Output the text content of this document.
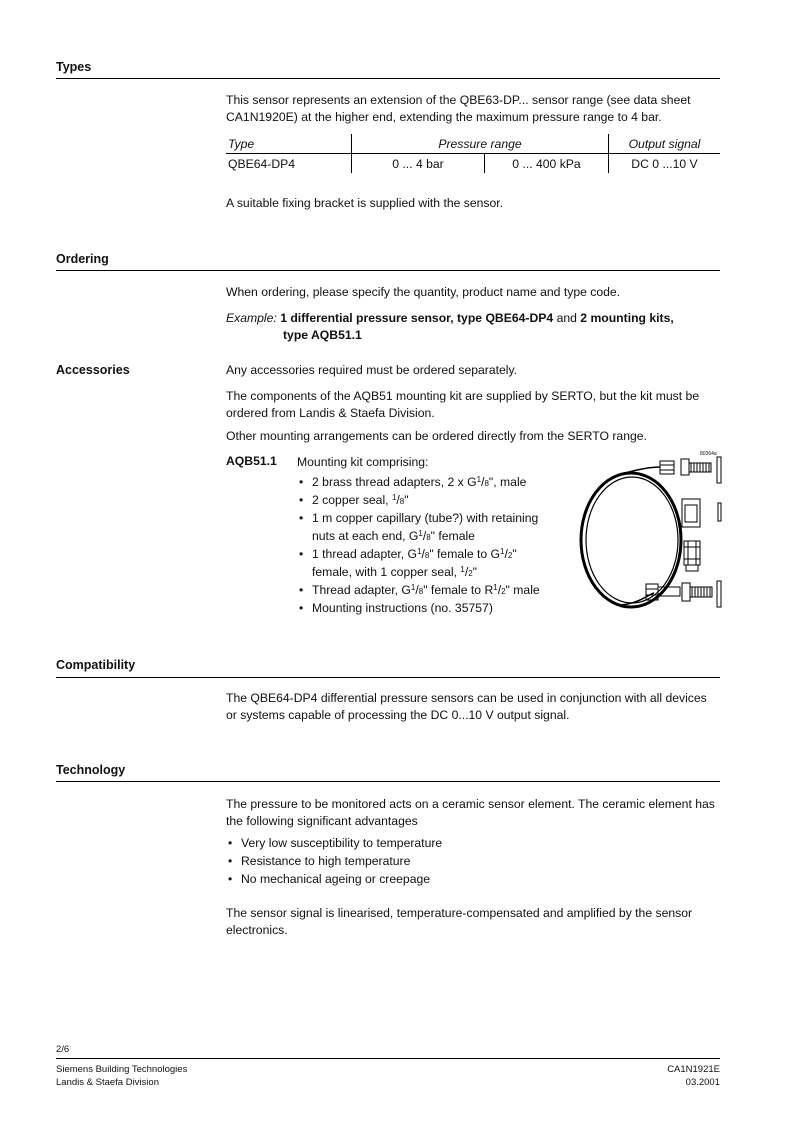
Types

This sensor represents an extension of the QBE63-DP... sensor range (see data sheet CA1N1920E) at the higher end, extending the maximum pressure range to 4 bar.

Type	Pressure range		Output signal
QBE64-DP4	0 ... 4 bar	0 ... 400 kPa	DC 0 ...10 V

A suitable fixing bracket is supplied with the sensor.

Ordering

When ordering, please specify the quantity, product name and type code.

Example: 1 differential pressure sensor, type QBE64-DP4 and 2 mounting kits,

type AQB51.1

Accessories	Any accessories required must be ordered separately.

The components of the AQB51 mounting kit are supplied by SERTO, but the kit must be ordered from Landis & Staefa Division.

Other mounting arrangements can be ordered directly from the SERTO range.

AQB51.1 Mounting kit comprising:
• 2 brass thread adapters, 2 x $G^1/8$", male
• 2 copper seal, $^1$/8"
• 1 m copper capillary (tube?) with retaining
nuts at each end, $G^1/8$" female
• 1 thread adapter, $G^1/8$" female to $G^1/2$"
female, with 1 copper seal, $^1$/2"
• Thread adapter, $G^1/8$" female to $R^1/2$" male
• Mounting instructions (no. 35757)
80364a
Compatibility

The QBE64-DP4 differential pressure sensors can be used in conjunction with all devices or systems capable of processing the DC 0...10 V output signal.

Technology

The pressure to be monitored acts on a ceramic sensor element. The ceramic element has the following significant advantages

• Very low susceptibility to temperature
• Resistance to high temperature
• No mechanical ageing or creepage

The sensor signal is linearised, temperature-compensated and amplified by the sensor electronics.

2/6
Siemens Building Technologies
Landis & Staefa Division
CA1N1921E
03.2001
